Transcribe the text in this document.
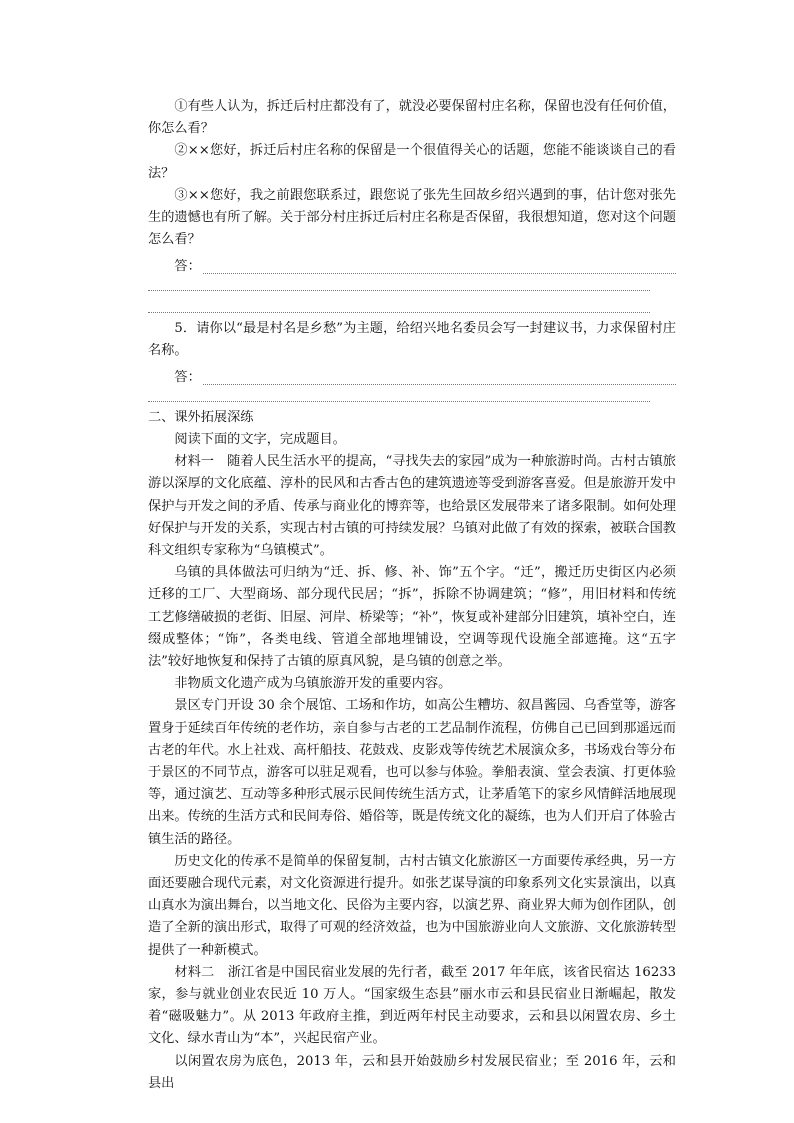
①有些人认为，拆迁后村庄都没有了，就没必要保留村庄名称，保留也没有任何价值，你怎么看？

②××您好，拆迁后村庄名称的保留是一个很值得关心的话题，您能不能谈谈自己的看法？

③××您好，我之前跟您联系过，跟您说了张先生回故乡绍兴遇到的事，估计您对张先生的遗憾也有所了解。关于部分村庄拆迁后村庄名称是否保留，我很想知道，您对这个问题怎么看？

答：

5．请你以“最是村名是乡愁”为主题，给绍兴地名委员会写一封建议书，力求保留村庄名称。

答：

二、课外拓展深练

阅读下面的文字，完成题目。

材料一　随着人民生活水平的提高，“寻找失去的家园”成为一种旅游时尚。古村古镇旅游以深厚的文化底蕴、淳朴的民风和古香古色的建筑遗迹等受到游客喜爱。但是旅游开发中保护与开发之间的矛盾、传承与商业化的博弈等，也给景区发展带来了诸多限制。如何处理好保护与开发的关系，实现古村古镇的可持续发展？乌镇对此做了有效的探索，被联合国教科文组织专家称为“乌镇模式”。

乌镇的具体做法可归纳为“迁、拆、修、补、饰”五个字。“迁”，搬迁历史街区内必须迁移的工厂、大型商场、部分现代民居；“拆”，拆除不协调建筑；“修”，用旧材料和传统工艺修缮破损的老街、旧屋、河岸、桥梁等；“补”，恢复或补建部分旧建筑，填补空白，连缀成整体；“饰”，各类电线、管道全部地埋铺设，空调等现代设施全部遮掩。这“五字法”较好地恢复和保持了古镇的原真风貌，是乌镇的创意之举。

非物质文化遗产成为乌镇旅游开发的重要内容。

景区专门开设 30 余个展馆、工场和作坊，如高公生糟坊、叙昌酱园、乌香堂等，游客置身于延续百年传统的老作坊，亲自参与古老的工艺品制作流程，仿佛自己已回到那遥远而古老的年代。水上社戏、高杆船技、花鼓戏、皮影戏等传统艺术展演众多，书场戏台等分布于景区的不同节点，游客可以驻足观看，也可以参与体验。拳船表演、堂会表演、打更体验等，通过演艺、互动等多种形式展示民间传统生活方式，让茅盾笔下的家乡风情鲜活地展现出来。传统的生活方式和民间寿俗、婚俗等，既是传统文化的凝练，也为人们开启了体验古镇生活的路径。

历史文化的传承不是简单的保留复制，古村古镇文化旅游区一方面要传承经典，另一方面还要融合现代元素，对文化资源进行提升。如张艺谋导演的印象系列文化实景演出，以真山真水为演出舞台，以当地文化、民俗为主要内容，以演艺界、商业界大师为创作团队，创造了全新的演出形式，取得了可观的经济效益，也为中国旅游业向人文旅游、文化旅游转型提供了一种新模式。

材料二　浙江省是中国民宿业发展的先行者，截至 2017 年年底，该省民宿达 16233 家，参与就业创业农民近 10 万人。“国家级生态县”丽水市云和县民宿业日渐崛起，散发着“磁吸魅力”。从 2013 年政府主推，到近两年村民主动要求，云和县以闲置农房、乡土文化、绿水青山为“本”，兴起民宿产业。

以闲置农房为底色，2013 年，云和县开始鼓励乡村发展民宿业；至 2016 年，云和县出
